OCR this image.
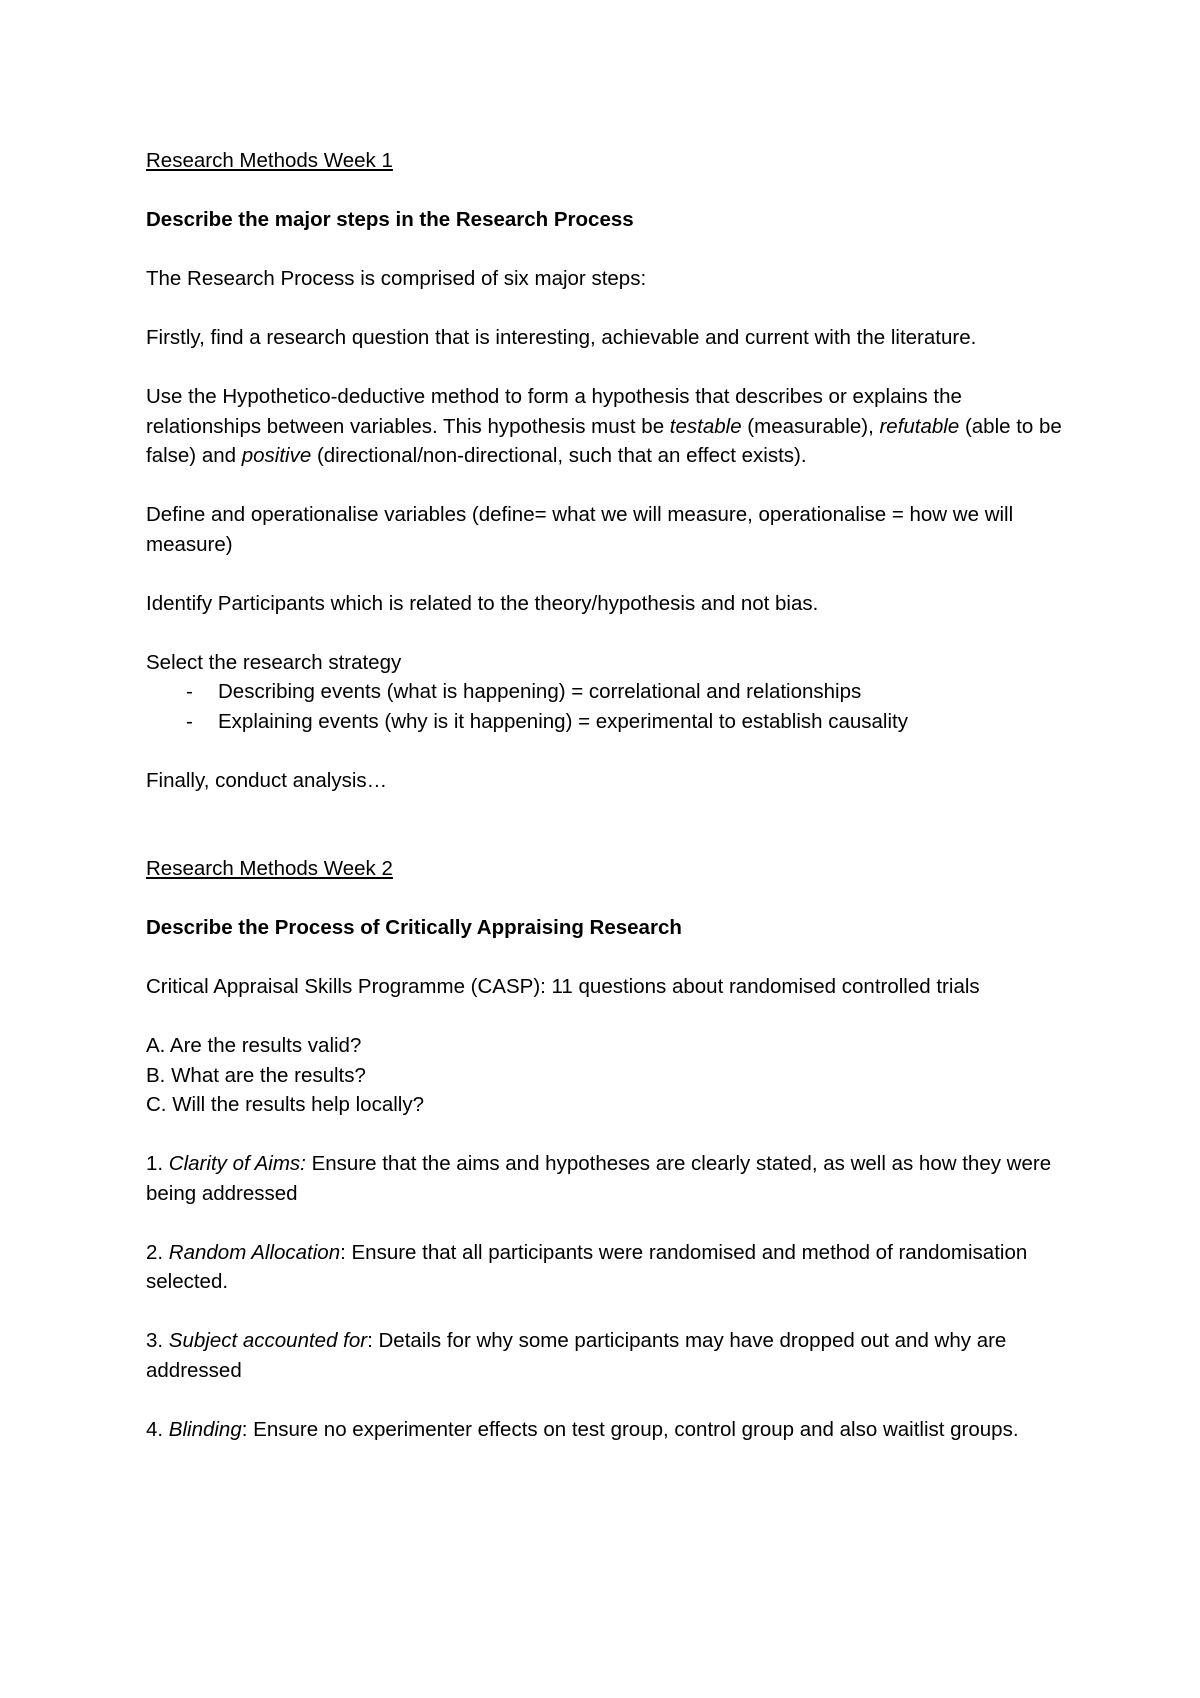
Research Methods Week 1

Describe the major steps in the Research Process

The Research Process is comprised of six major steps:

Firstly, find a research question that is interesting, achievable and current with the literature.

Use the Hypothetico-deductive method to form a hypothesis that describes or explains the relationships between variables. This hypothesis must be testable (measurable), refutable (able to be false) and positive (directional/non-directional, such that an effect exists).

Define and operationalise variables (define= what we will measure, operationalise = how we will measure)

Identify Participants which is related to the theory/hypothesis and not bias.

Select the research strategy
- Describing events (what is happening) = correlational and relationships
- Explaining events (why is it happening) = experimental to establish causality

Finally, conduct analysis…

Research Methods Week 2

Describe the Process of Critically Appraising Research

Critical Appraisal Skills Programme (CASP): 11 questions about randomised controlled trials

A. Are the results valid?
B. What are the results?
C. Will the results help locally?

1. Clarity of Aims: Ensure that the aims and hypotheses are clearly stated, as well as how they were being addressed

2. Random Allocation: Ensure that all participants were randomised and method of randomisation selected.

3. Subject accounted for: Details for why some participants may have dropped out and why are addressed

4. Blinding: Ensure no experimenter effects on test group, control group and also waitlist groups.
